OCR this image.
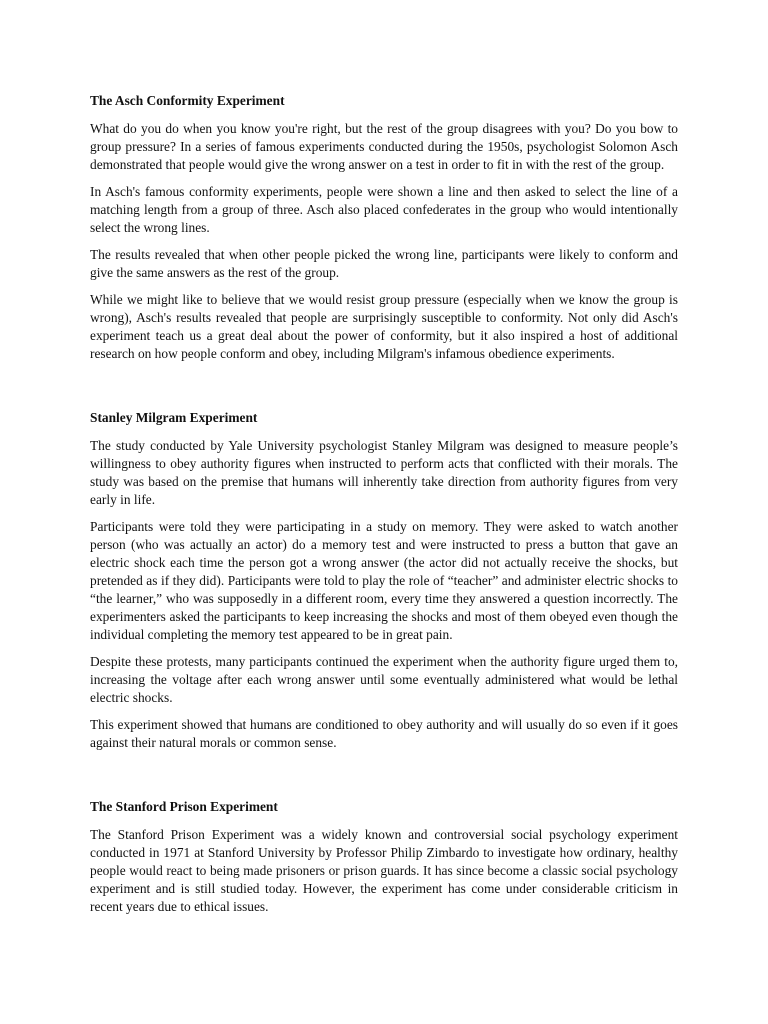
The Asch Conformity Experiment

What do you do when you know you're right, but the rest of the group disagrees with you? Do you bow to group pressure? In a series of famous experiments conducted during the 1950s, psychologist Solomon Asch demonstrated that people would give the wrong answer on a test in order to fit in with the rest of the group.

In Asch's famous conformity experiments, people were shown a line and then asked to select the line of a matching length from a group of three. Asch also placed confederates in the group who would intentionally select the wrong lines.

The results revealed that when other people picked the wrong line, participants were likely to conform and give the same answers as the rest of the group.

While we might like to believe that we would resist group pressure (especially when we know the group is wrong), Asch's results revealed that people are surprisingly susceptible to conformity. Not only did Asch's experiment teach us a great deal about the power of conformity, but it also inspired a host of additional research on how people conform and obey, including Milgram's infamous obedience experiments.

Stanley Milgram Experiment

The study conducted by Yale University psychologist Stanley Milgram was designed to measure people’s willingness to obey authority figures when instructed to perform acts that conflicted with their morals. The study was based on the premise that humans will inherently take direction from authority figures from very early in life.

Participants were told they were participating in a study on memory. They were asked to watch another person (who was actually an actor) do a memory test and were instructed to press a button that gave an electric shock each time the person got a wrong answer (the actor did not actually receive the shocks, but pretended as if they did). Participants were told to play the role of “teacher” and administer electric shocks to “the learner,” who was supposedly in a different room, every time they answered a question incorrectly. The experimenters asked the participants to keep increasing the shocks and most of them obeyed even though the individual completing the memory test appeared to be in great pain.

Despite these protests, many participants continued the experiment when the authority figure urged them to, increasing the voltage after each wrong answer until some eventually administered what would be lethal electric shocks.

This experiment showed that humans are conditioned to obey authority and will usually do so even if it goes against their natural morals or common sense.

The Stanford Prison Experiment

The Stanford Prison Experiment was a widely known and controversial social psychology experiment conducted in 1971 at Stanford University by Professor Philip Zimbardo to investigate how ordinary, healthy people would react to being made prisoners or prison guards. It has since become a classic social psychology experiment and is still studied today. However, the experiment has come under considerable criticism in recent years due to ethical issues.
